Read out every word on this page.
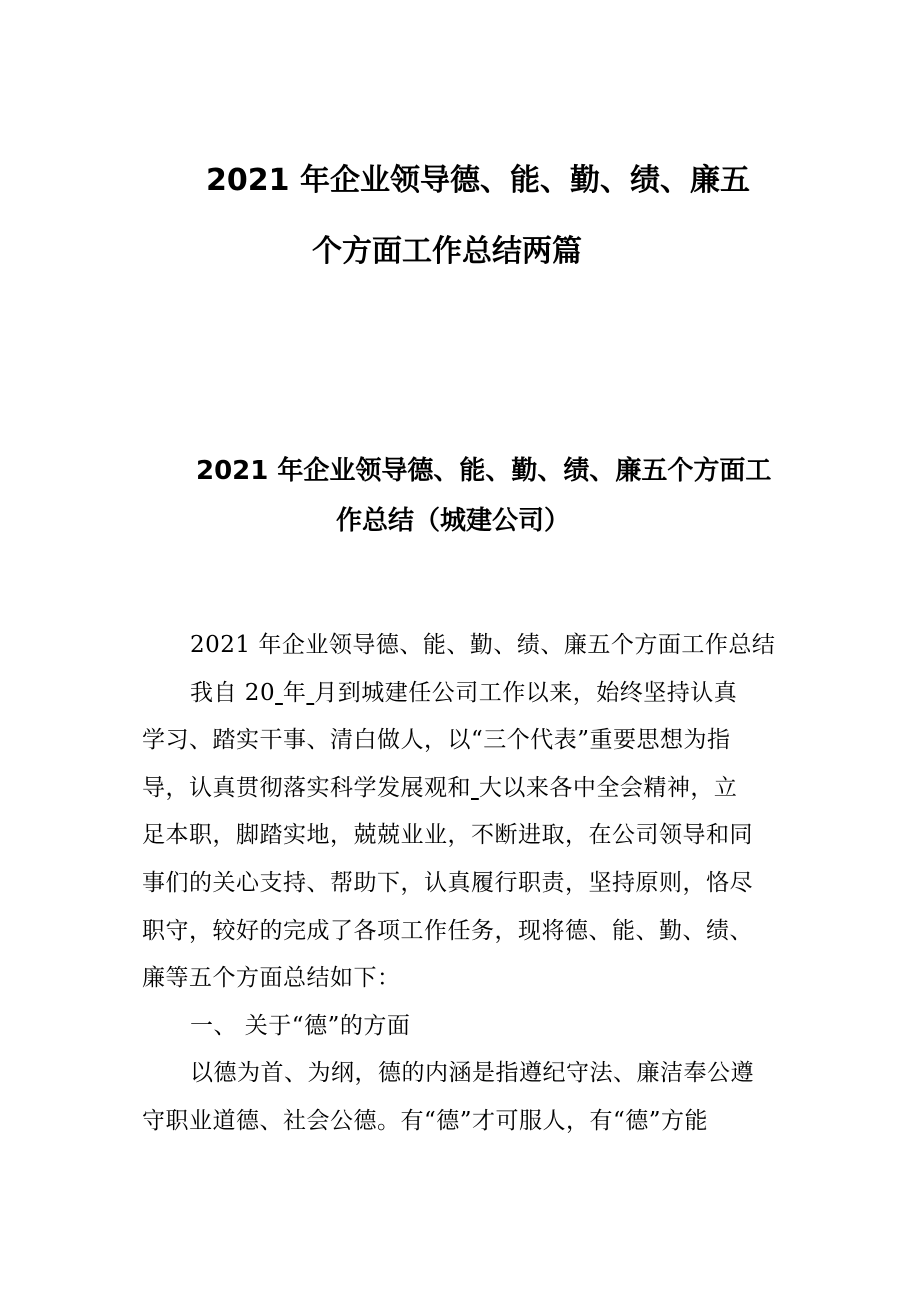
2021 年企业领导德、能、勤、绩、廉五
个方面工作总结两篇
2021 年企业领导德、能、勤、绩、廉五个方面工
作总结（城建公司）
2021 年企业领导德、能、勤、绩、廉五个方面工作总结
我自 20 年 月到城建任公司工作以来，始终坚持认真
学习、踏实干事、清白做人，以“三个代表”重要思想为指
导，认真贯彻落实科学发展观和 大以来各中全会精神，立
足本职，脚踏实地，兢兢业业，不断进取，在公司领导和同
事们的关心支持、帮助下，认真履行职责，坚持原则，恪尽
职守，较好的完成了各项工作任务，现将德、能、勤、绩、
廉等五个方面总结如下：
一、 关于“德”的方面
以德为首、为纲，德的内涵是指遵纪守法、廉洁奉公遵
守职业道德、社会公德。有“德”才可服人，有“德”方能
